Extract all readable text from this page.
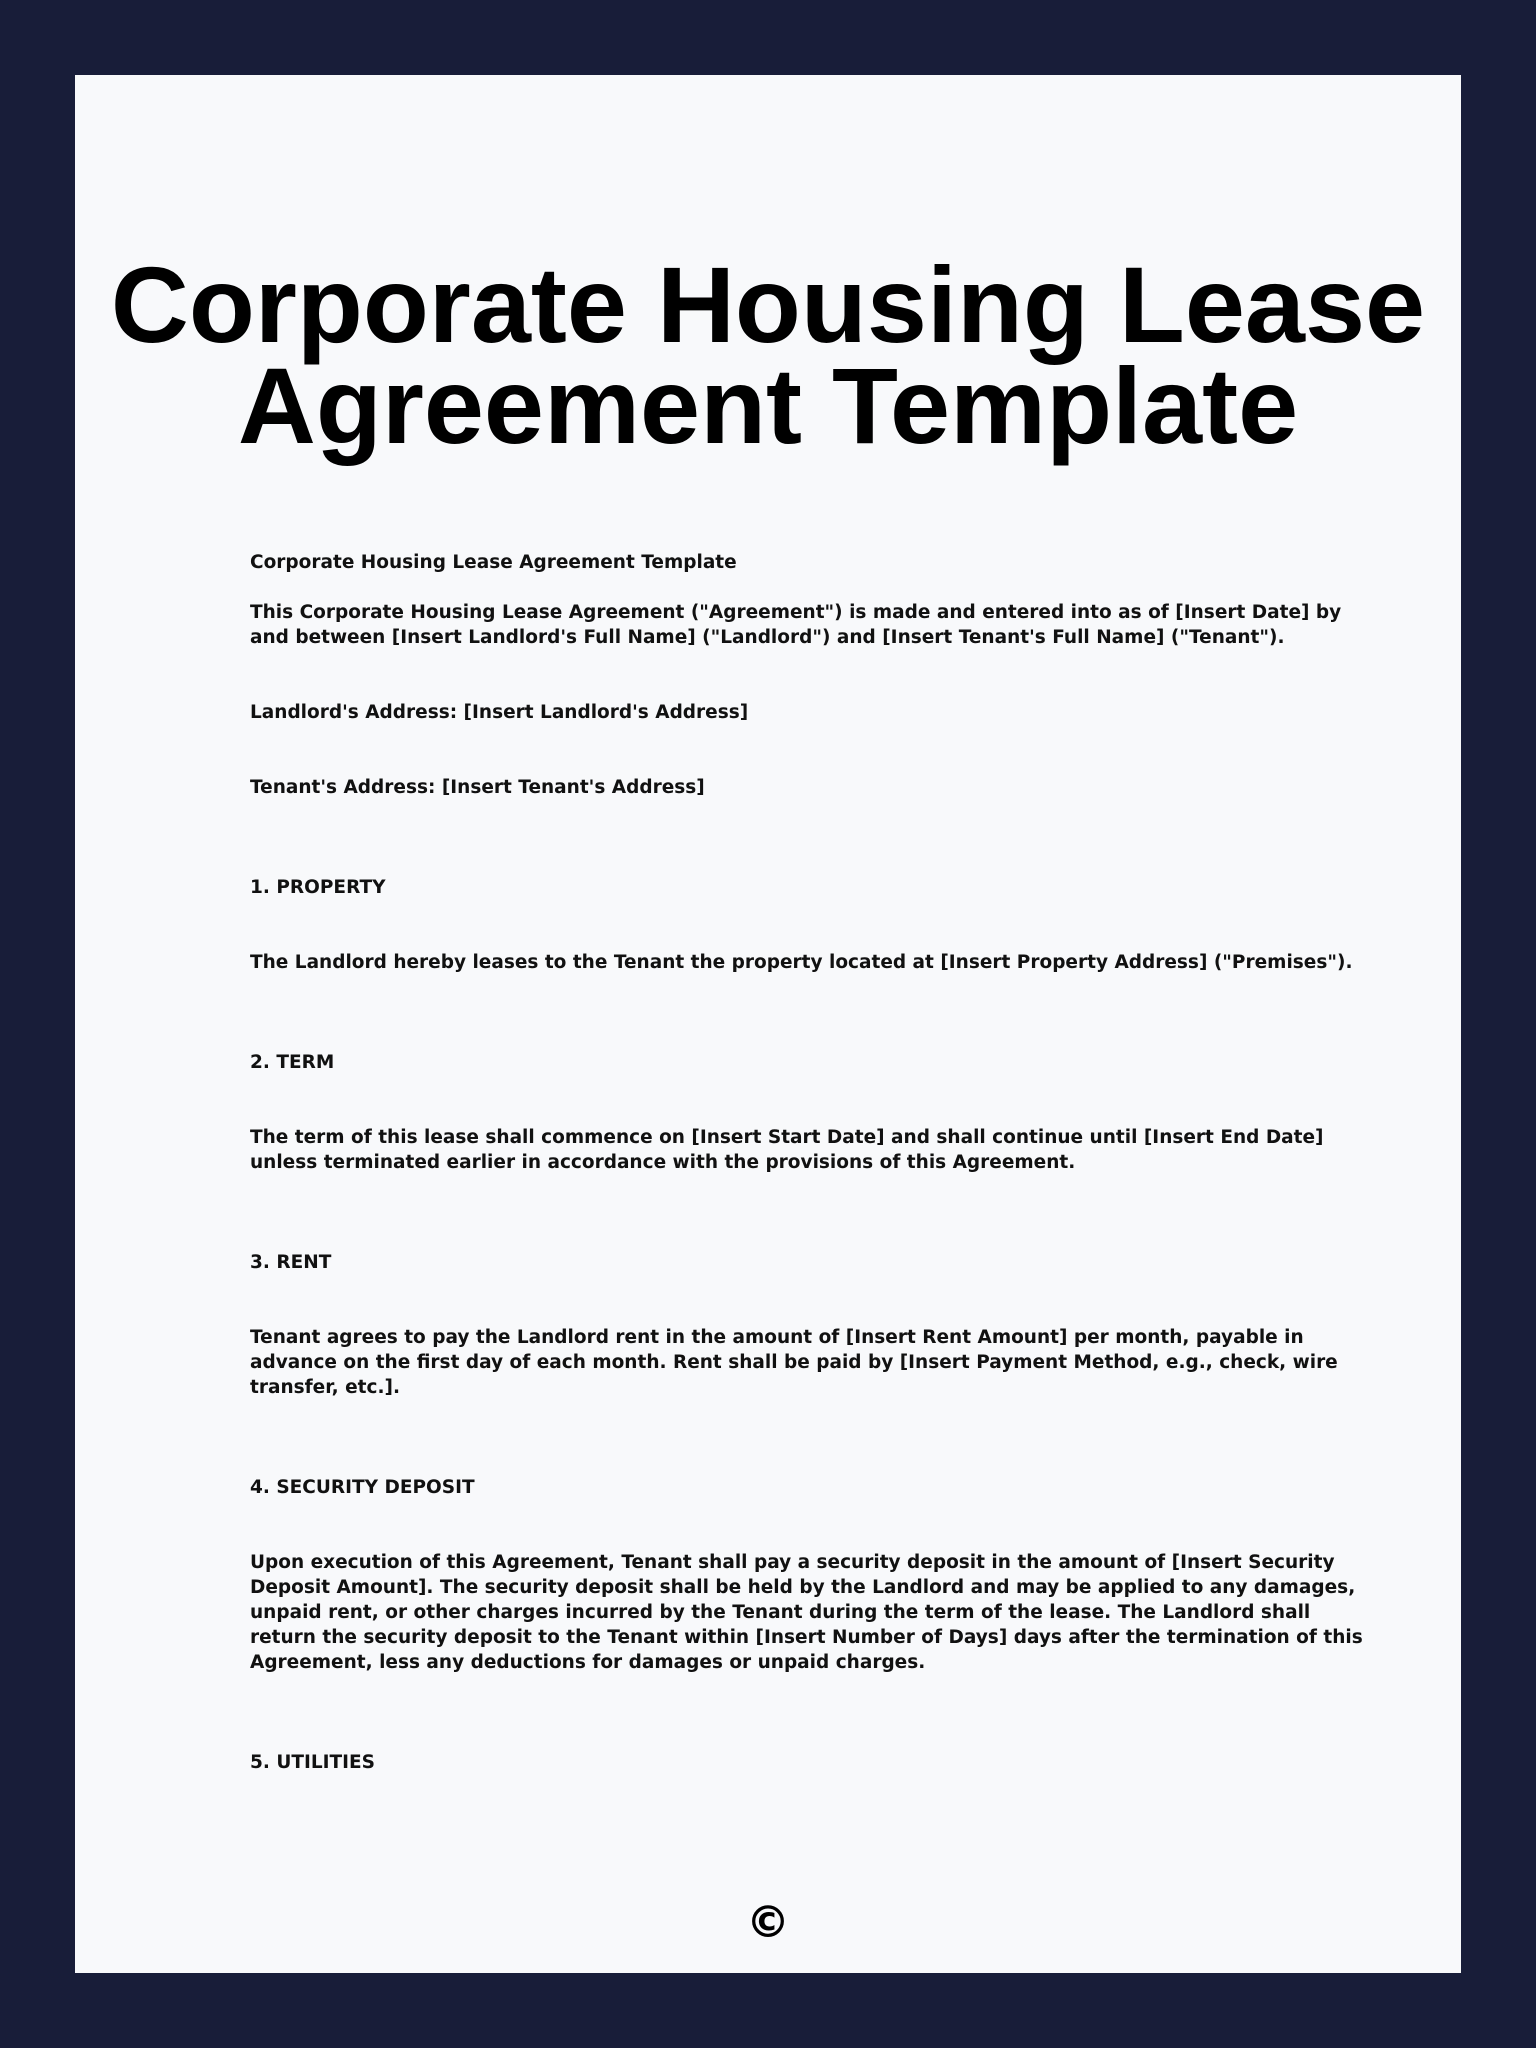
Corporate Housing Lease
Agreement Template

Corporate Housing Lease Agreement Template

This Corporate Housing Lease Agreement ("Agreement") is made and entered into as of [Insert Date] by and between [Insert Landlord's Full Name] ("Landlord") and [Insert Tenant's Full Name] ("Tenant").

Landlord's Address: [Insert Landlord's Address]

Tenant's Address: [Insert Tenant's Address]

1. PROPERTY

The Landlord hereby leases to the Tenant the property located at [Insert Property Address] ("Premises").

2. TERM

The term of this lease shall commence on [Insert Start Date] and shall continue until [Insert End Date] unless terminated earlier in accordance with the provisions of this Agreement.

3. RENT

Tenant agrees to pay the Landlord rent in the amount of [Insert Rent Amount] per month, payable in advance on the first day of each month. Rent shall be paid by [Insert Payment Method, e.g., check, wire transfer, etc.].

4. SECURITY DEPOSIT

Upon execution of this Agreement, Tenant shall pay a security deposit in the amount of [Insert Security Deposit Amount]. The security deposit shall be held by the Landlord and may be applied to any damages, unpaid rent, or other charges incurred by the Tenant during the term of the lease. The Landlord shall return the security deposit to the Tenant within [Insert Number of Days] days after the termination of this Agreement, less any deductions for damages or unpaid charges.

5. UTILITIES

©
